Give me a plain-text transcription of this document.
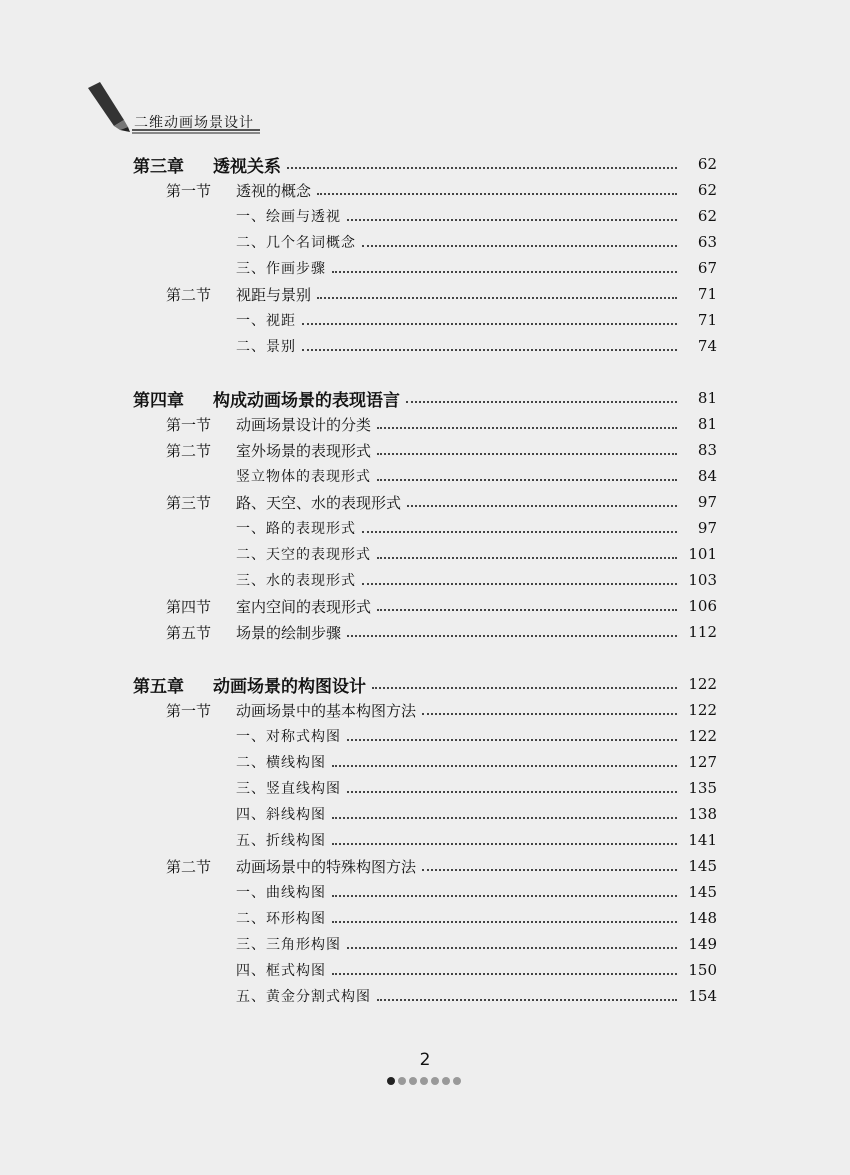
二维动画场景设计
第三章	透视关系	62
第一节	透视的概念	62
一、绘画与透视	62
二、几个名词概念	63
三、作画步骤	67
第二节	视距与景别	71
一、视距	71
二、景别	74
第四章	构成动画场景的表现语言	81
第一节	动画场景设计的分类	81
第二节	室外场景的表现形式	83
竖立物体的表现形式	84
第三节	路、天空、水的表现形式	97
一、路的表现形式	97
二、天空的表现形式	101
三、水的表现形式	103
第四节	室内空间的表现形式	106
第五节	场景的绘制步骤	112
第五章	动画场景的构图设计	122
第一节	动画场景中的基本构图方法	122
一、对称式构图	122
二、横线构图	127
三、竖直线构图	135
四、斜线构图	138
五、折线构图	141
第二节	动画场景中的特殊构图方法	145
一、曲线构图	145
二、环形构图	148
三、三角形构图	149
四、框式构图	150
五、黄金分割式构图	154
2
